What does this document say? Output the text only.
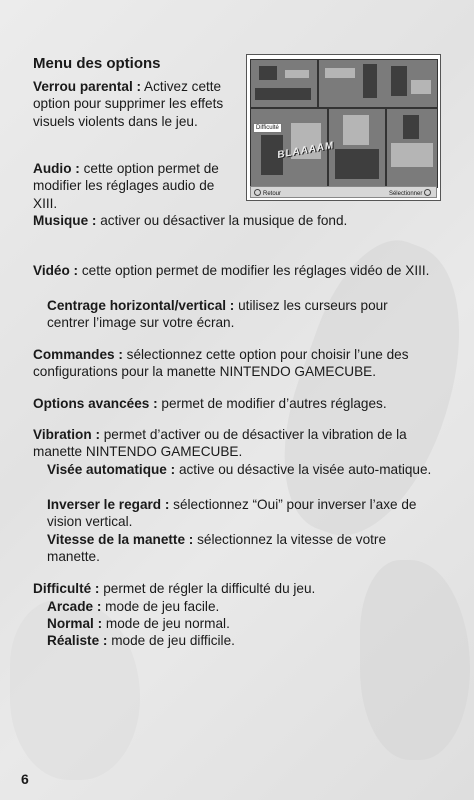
Menu des options
BLAAAAM
Difficulté
Retour	Sélectionner

Verrou parental : Activez cette option pour supprimer les effets visuels violents dans le jeu.

Audio : cette option permet de modifier les réglages audio de XIII.

Musique : activer ou désactiver la musique de fond.

Vidéo : cette option permet de modifier les réglages vidéo de XIII.

Centrage horizontal/vertical : utilisez les curseurs pour centrer l’image sur votre écran.

Commandes : sélectionnez cette option pour choisir l’une des configurations pour la manette NINTENDO GAMECUBE.

Options avancées : permet de modifier d’autres réglages.

Vibration : permet d’activer ou de désactiver la vibration de la manette NINTENDO GAMECUBE.

Visée automatique : active ou désactive la visée auto-matique.

Inverser le regard : sélectionnez “Oui” pour inverser l’axe de vision vertical.

Vitesse de la manette : sélectionnez la vitesse de votre manette.

Difficulté : permet de régler la difficulté du jeu.

Arcade : mode de jeu facile.

Normal : mode de jeu normal.

Réaliste : mode de jeu difficile.

6
